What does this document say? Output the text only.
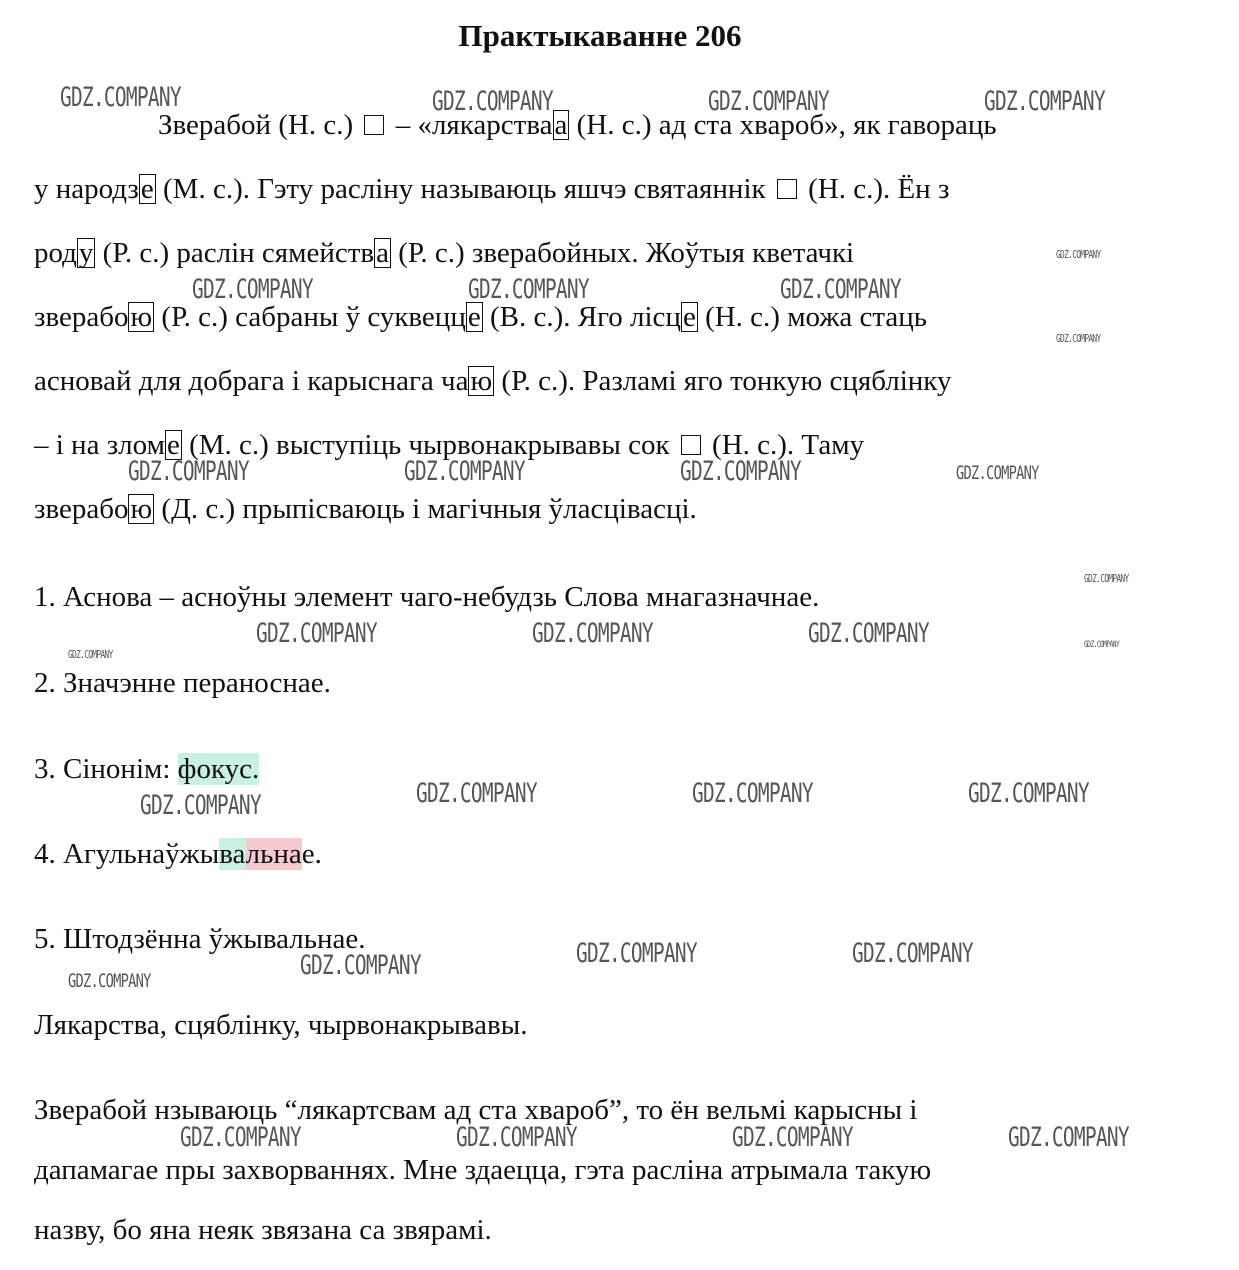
Практыкаванне 206
Зверабой (Н. с.) – «лякарстваа (Н. с.) ад ста хвароб», як гавораць
у народзе (М. с.). Гэту расліну называюць яшчэ святаяннік (Н. с.). Ён з
роду (Р. с.) раслін сямейства (Р. с.) зверабойных. Жоўтыя кветачкі
зверабою (Р. с.) сабраны ў суквецце (В. с.). Яго лісце (Н. с.) можа стаць
асновай для добрага і карыснага чаю (Р. с.). Разламі яго тонкую сцяблінку
– і на зломе (М. с.) выступіць чырвонакрывавы сок (Н. с.). Таму
зверабою (Д. с.) прыпісваюць і магічныя ўласцівасці.
1. Аснова – асноўны элемент чаго-небудзь Слова мнагазначнае.
2. Значэнне пераноснае.
3. Сінонім: фокус.
4. Агульнаўжывальнае.
5. Штодзённа ўжывальнае.
Лякарства, сцяблінку, чырвонакрывавы.
Зверабой нзываюць “лякартсвам ад ста хвароб”, то ён вельмі карысны і
дапамагае пры захворваннях. Мне здаецца, гэта расліна атрымала такую
назву, бо яна неяк звязана са звярамі.
GDZ.COMPANY	GDZ.COMPANY	GDZ.COMPANY	GDZ.COMPANY
GDZ.COMPANY
GDZ.COMPANY	GDZ.COMPANY	GDZ.COMPANY
GDZ.COMPANY
GDZ.COMPANY	GDZ.COMPANY	GDZ.COMPANY	GDZ.COMPANY
GDZ.COMPANY
GDZ.COMPANY	GDZ.COMPANY	GDZ.COMPANY	GDZ.COMPANY
GDZ.COMPANY
GDZ.COMPANY	GDZ.COMPANY	GDZ.COMPANY	GDZ.COMPANY
GDZ.COMPANY	GDZ.COMPANY	GDZ.COMPANY
GDZ.COMPANY
GDZ.COMPANY	GDZ.COMPANY	GDZ.COMPANY	GDZ.COMPANY
